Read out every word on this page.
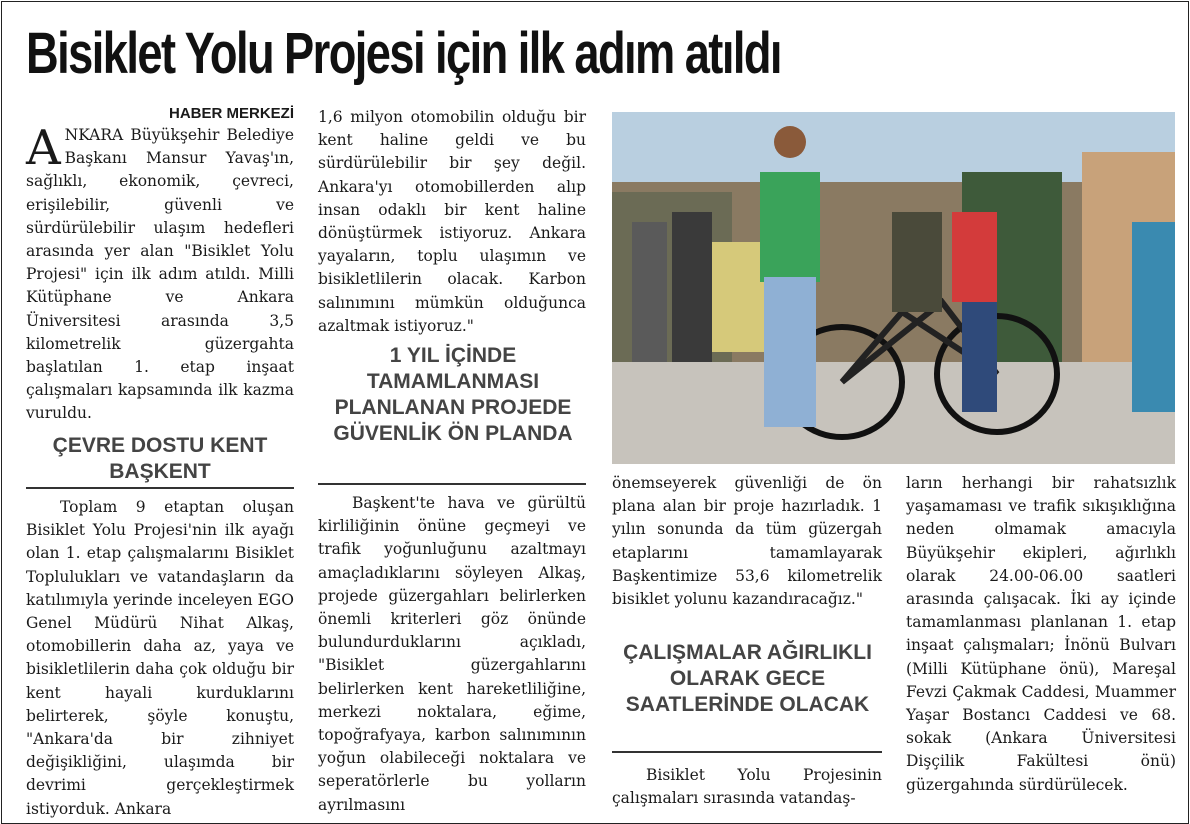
Bisiklet Yolu Projesi için ilk adım atıldı
HABER MERKEZİ

ANKARA Büyükşehir Belediye Başkanı Mansur Yavaş'ın, sağlıklı, ekonomik, çevreci, erişilebilir, güvenli ve sürdürülebilir ulaşım hedefleri arasında yer alan "Bisiklet Yolu Projesi" için ilk adım atıldı. Milli Kütüphane ve Ankara Üniversitesi arasında 3,5 kilometrelik güzergahta başlatılan 1. etap inşaat çalışmaları kapsamında ilk kazma vuruldu.

ÇEVRE DOSTU KENT BAŞKENT
Toplam 9 etaptan oluşan Bisiklet Yolu Projesi'nin ilk ayağı olan 1. etap çalışmalarını Bisiklet Toplulukları ve vatandaşların da katılımıyla yerinde inceleyen EGO Genel Müdürü Nihat Alkaş, otomobillerin daha az, yaya ve bisikletlilerin daha çok olduğu bir kent hayali kurduklarını belirterek, şöyle konuştu, "Ankara'da bir zihniyet değişikliğini, ulaşımda bir devrimi gerçekleştirmek istiyorduk. Ankara
1,6 milyon otomobilin olduğu bir kent haline geldi ve bu sürdürülebilir bir şey değil. Ankara'yı otomobillerden alıp insan odaklı bir kent haline dönüştürmek istiyoruz. Ankara yayaların, toplu ulaşımın ve bisikletlilerin olacak. Karbon salınımını mümkün olduğunca azaltmak istiyoruz."
1 YIL İÇİNDE TAMAMLANMASI PLANLANAN PROJEDE GÜVENLİK ÖN PLANDA
Başkent'te hava ve gürültü kirliliğinin önüne geçmeyi ve trafik yoğunluğunu azaltmayı amaçladıklarını söyleyen Alkaş, projede güzergahları belirlerken önemli kriterleri göz önünde bulundurduklarını açıkladı, "Bisiklet güzergahlarını belirlerken kent hareketliliğine, merkezi noktalara, eğime, topoğrafyaya, karbon salınımının yoğun olabileceği noktalara ve seperatörlerle bu yolların ayrılmasını
önemseyerek güvenliği de ön plana alan bir proje hazırladık. 1 yılın sonunda da tüm güzergah etaplarını tamamlayarak Başkentimize 53,6 kilometrelik bisiklet yolunu kazandıracağız."
ÇALIŞMALAR AĞIRLIKLI OLARAK GECE SAATLERİNDE OLACAK
Bisiklet Yolu Projesinin çalışmaları sırasında vatandaş-
ların herhangi bir rahatsızlık yaşamaması ve trafik sıkışıklığına neden olmamak amacıyla Büyükşehir ekipleri, ağırlıklı olarak 24.00-06.00 saatleri arasında çalışacak. İki ay içinde tamamlanması planlanan 1. etap inşaat çalışmaları; İnönü Bulvarı (Milli Kütüphane önü), Mareşal Fevzi Çakmak Caddesi, Muammer Yaşar Bostancı Caddesi ve 68. sokak (Ankara Üniversitesi Dişçilik Fakültesi önü) güzergahında sürdürülecek.
